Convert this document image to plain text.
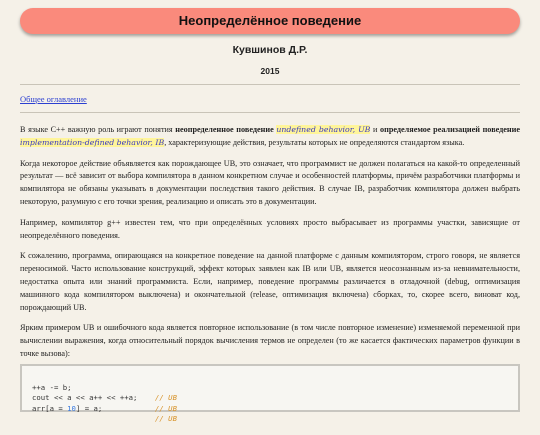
Неопределённое поведение
Кувшинов Д.Р.
2015
Общее оглавление

В языке C++ важную роль играют понятия неопределенное поведение undefined behavior, UB и определяемое реализацией поведение implementation-defined behavior, IB, характеризующие действия, результаты которых не определяются стандартом языка.

Когда некоторое действие объявляется как порождающее UB, это означает, что программист не должен полагаться на какой-то определенный результат — всё зависит от выбора компилятора в данном конкретном случае и особенностей платформы, причём разработчики платформы и компилятора не обязаны указывать в документации последствия такого действия. В случае IB, разработчик компилятора должен выбрать некоторую, разумную с его точки зрения, реализацию и описать это в документации.

Например, компилятор g++ известен тем, что при определённых условиях просто выбрасывает из программы участки, зависящие от неопределённого поведения.

К сожалению, программа, опирающаяся на конкретное поведение на данной платформе с данным компилятором, строго говоря, не является переносимой. Часто использование конструкций, эффект которых заявлен как IB или UB, является неосознанным из-за невнимательности, недостатка опыта или знаний программиста. Если, например, поведение программы различается в отладочной (debug, оптимизация машинного кода компилятором выключена) и окончательной (release, оптимизация включена) сборках, то, скорее всего, виноват код, порождающий UB.

Ярким примером UB и ошибочного кода является повторное использование (в том числе повторное изменение) изменяемой переменной при вычислении выражения, когда относительный порядок вычисления термов не определен (то же касается фактических параметров функции в точке вызова):

++a -= b;

// UB

cout << a << a++ << ++a;

// UB

arr[a = 10] = a;

// UB
